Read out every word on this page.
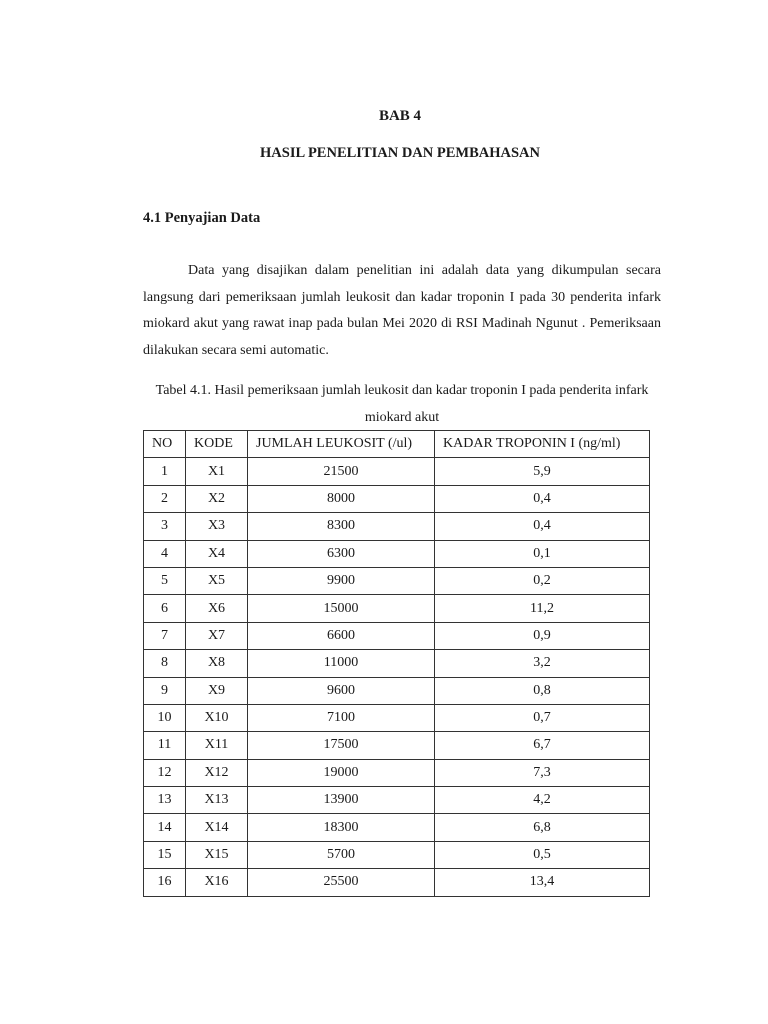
BAB 4
HASIL PENELITIAN DAN PEMBAHASAN
4.1 Penyajian Data

Data yang disajikan dalam penelitian ini adalah data yang dikumpulan secara langsung dari pemeriksaan jumlah leukosit dan kadar troponin I pada 30 penderita infark miokard akut yang rawat inap pada bulan Mei 2020 di RSI Madinah Ngunut . Pemeriksaan dilakukan secara semi automatic.

Tabel 4.1. Hasil pemeriksaan jumlah leukosit dan kadar troponin I pada penderita infark miokard akut
NO	KODE	JUMLAH LEUKOSIT (/ul)	KADAR TROPONIN I (ng/ml)
1	X1	21500	5,9
2	X2	8000	0,4
3	X3	8300	0,4
4	X4	6300	0,1
5	X5	9900	0,2
6	X6	15000	11,2
7	X7	6600	0,9
8	X8	11000	3,2
9	X9	9600	0,8
10	X10	7100	0,7
11	X11	17500	6,7
12	X12	19000	7,3
13	X13	13900	4,2
14	X14	18300	6,8
15	X15	5700	0,5
16	X16	25500	13,4
